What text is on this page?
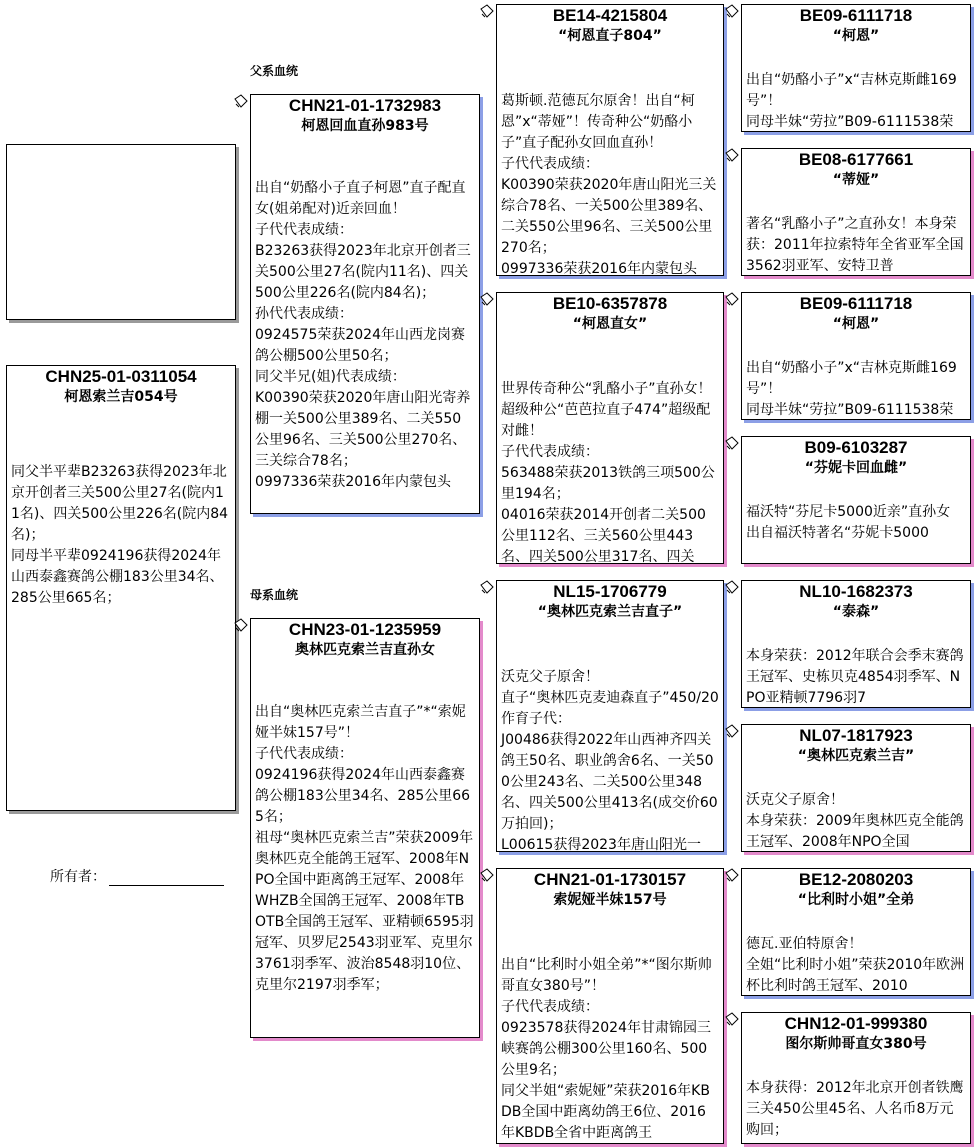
父系血统
母系血统
CHN25-01-0311054
柯恩索兰吉054号
同父半平辈B23263获得2023年北京开创者三关500公里27名(院内11名)、四关500公里226名(院内84名)；
同母半平辈0924196获得2024年山西泰鑫赛鸽公棚183公里34名、285公里665名；
所有者：
CHN21-01-1732983
柯恩回血直孙983号
出自“奶酪小子直子柯恩”直子配直女(姐弟配对)近亲回血！
子代代表成绩：
B23263获得2023年北京开创者三关500公里27名(院内11名)、四关500公里226名(院内84名)；
孙代代表成绩：
0924575荣获2024年山西龙岗赛鸽公棚500公里50名；
同父半兄(姐)代表成绩：
K00390荣获2020年唐山阳光寄养棚一关500公里389名、二关550公里96名、三关500公里270名、三关综合78名；
0997336荣获2016年内蒙包头
CHN23-01-1235959
奥林匹克索兰吉直孙女
出自“奥林匹克索兰吉直子”*“索妮娅半妹157号”！
子代代表成绩：
0924196获得2024年山西泰鑫赛鸽公棚183公里34名、285公里665名；
祖母“奥林匹克索兰吉”荣获2009年奥林匹克全能鸽王冠军、2008年NPO全国中距离鸽王冠军、2008年WHZB全国鸽王冠军、2008年TBOTB全国鸽王冠军、亚精顿6595羽冠军、贝罗尼2543羽亚军、克里尔3761羽季军、波治8548羽10位、克里尔2197羽季军；
BE14-4215804
“柯恩直子804”
葛斯顿.范德瓦尔原舍！出自“柯恩”x“蒂娅”！传奇种公“奶酪小子”直子配孙女回血直孙！
子代代表成绩：
K00390荣获2020年唐山阳光三关综合78名、一关500公里389名、二关550公里96名、三关500公里270名；
0997336荣获2016年内蒙包头
BE10-6357878
“柯恩直女”
世界传奇种公“乳酪小子”直孙女！超级种公“芭芭拉直子474”超级配对雌！
子代代表成绩：
563488荣获2013铁鸽三项500公里194名；
04016荣获2014开创者二关500公里112名、三关560公里443名、四关500公里317名、四关
NL15-1706779
“奥林匹克索兰吉直子”
沃克父子原舍！
直子“奥林匹克麦迪森直子”450/20作育子代：
J00486获得2022年山西神齐四关鸽王50名、职业鸽舍6名、一关500公里243名、二关500公里348名、四关500公里413名(成交价60万拍回)；
L00615获得2023年唐山阳光一
CHN21-01-1730157
索妮娅半妹157号
出自“比利时小姐全弟”*“图尔斯帅哥直女380号”！
子代代表成绩：
0923578获得2024年甘肃锦园三峡赛鸽公棚300公里160名、500公里9名；
同父半姐“索妮娅”荣获2016年KBDB全国中距离幼鸽王6位、2016年KBDB全省中距离鸽王
BE09-6111718
“柯恩”
出自“奶酪小子”x“吉林克斯雌169号”！
同母半妹“劳拉”B09-6111538荣
BE08-6177661
“蒂娅”
著名“乳酪小子”之直孙女！本身荣获：2011年拉索特年全省亚军全国3562羽亚军、安特卫普
BE09-6111718
“柯恩”
出自“奶酪小子”x“吉林克斯雌169号”！
同母半妹“劳拉”B09-6111538荣
B09-6103287
“芬妮卡回血雌”
福沃特“芬尼卡5000近亲”直孙女
出自福沃特著名“芬妮卡5000
NL10-1682373
“泰森”
本身荣获：2012年联合会季末赛鸽王冠军、史栋贝克4854羽季军、NPO亚精顿7796羽7
NL07-1817923
“奥林匹克索兰吉”
沃克父子原舍！
本身荣获：2009年奥林匹克全能鸽王冠军、2008年NPO全国
BE12-2080203
“比利时小姐”全弟
德瓦.亚伯特原舍！
全姐“比利时小姐”荣获2010年欧洲杯比利时鸽王冠军、2010
CHN12-01-999380
图尔斯帅哥直女380号
本身获得：2012年北京开创者铁鹰三关450公里45名、人名币8万元购回；
